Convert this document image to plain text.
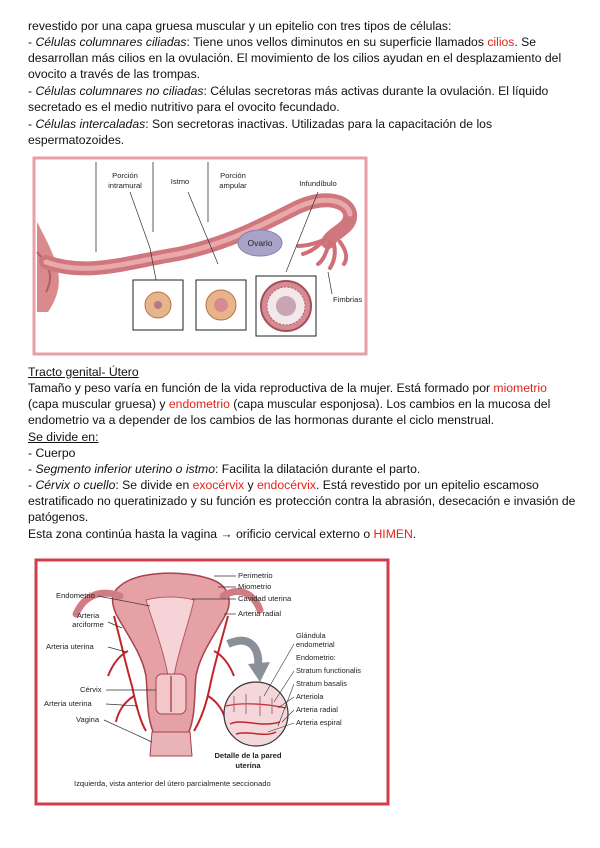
revestido por una capa gruesa muscular y un epitelio con tres tipos de células:

- Células columnares ciliadas: Tiene unos vellos diminutos en su superficie llamados cilios. Se desarrollan más cilios en la ovulación. El movimiento de los cilios ayudan en el desplazamiento del ovocito a través de las trompas.

- Células columnares no ciliadas: Células secretoras más activas durante la ovulación. El líquido secretado es el medio nutritivo para el ovocito fecundado.

- Células intercaladas: Son secretoras inactivas. Utilizadas para la capacitación de los espermatozoides.

Ovario
Porción
intramural	Istmo
Porción
ampular	Infundíbulo
Fimbrias

Tracto genital- Útero

Tamaño y peso varía en función de la vida reproductiva de la mujer. Está formado por miometrio (capa muscular gruesa) y endometrio (capa muscular esponjosa). Los cambios en la mucosa del endometrio va a depender de los cambios de las hormonas durante el ciclo menstrual.

Se divide en:

- Cuerpo

- Segmento inferior uterino o istmo: Facilita la dilatación durante el parto.

- Cérvix o cuello: Se divide en exocérvix y endocérvix. Está revestido por un epitelio escamoso estratificado no queratinizado y su función es protección contra la abrasión, desecación e invasión de patógenos.

Esta zona continúa hasta la vagina → orificio cervical externo o HIMEN.

Endometrio
Arteria
arciforme
Arteria uterina
Cérvix
Arteria uterina
Vagina
Perimetrio
Miometrio
Cavidad uterina
Arteria radial
Glándula
endometrial
Endometrio:
Stratum functionalis
Stratum basalis
Arteriola
Arteria radial
Arteria espiral
Detalle de la pared
uterina
Izquierda, vista anterior del útero parcialmente seccionado
